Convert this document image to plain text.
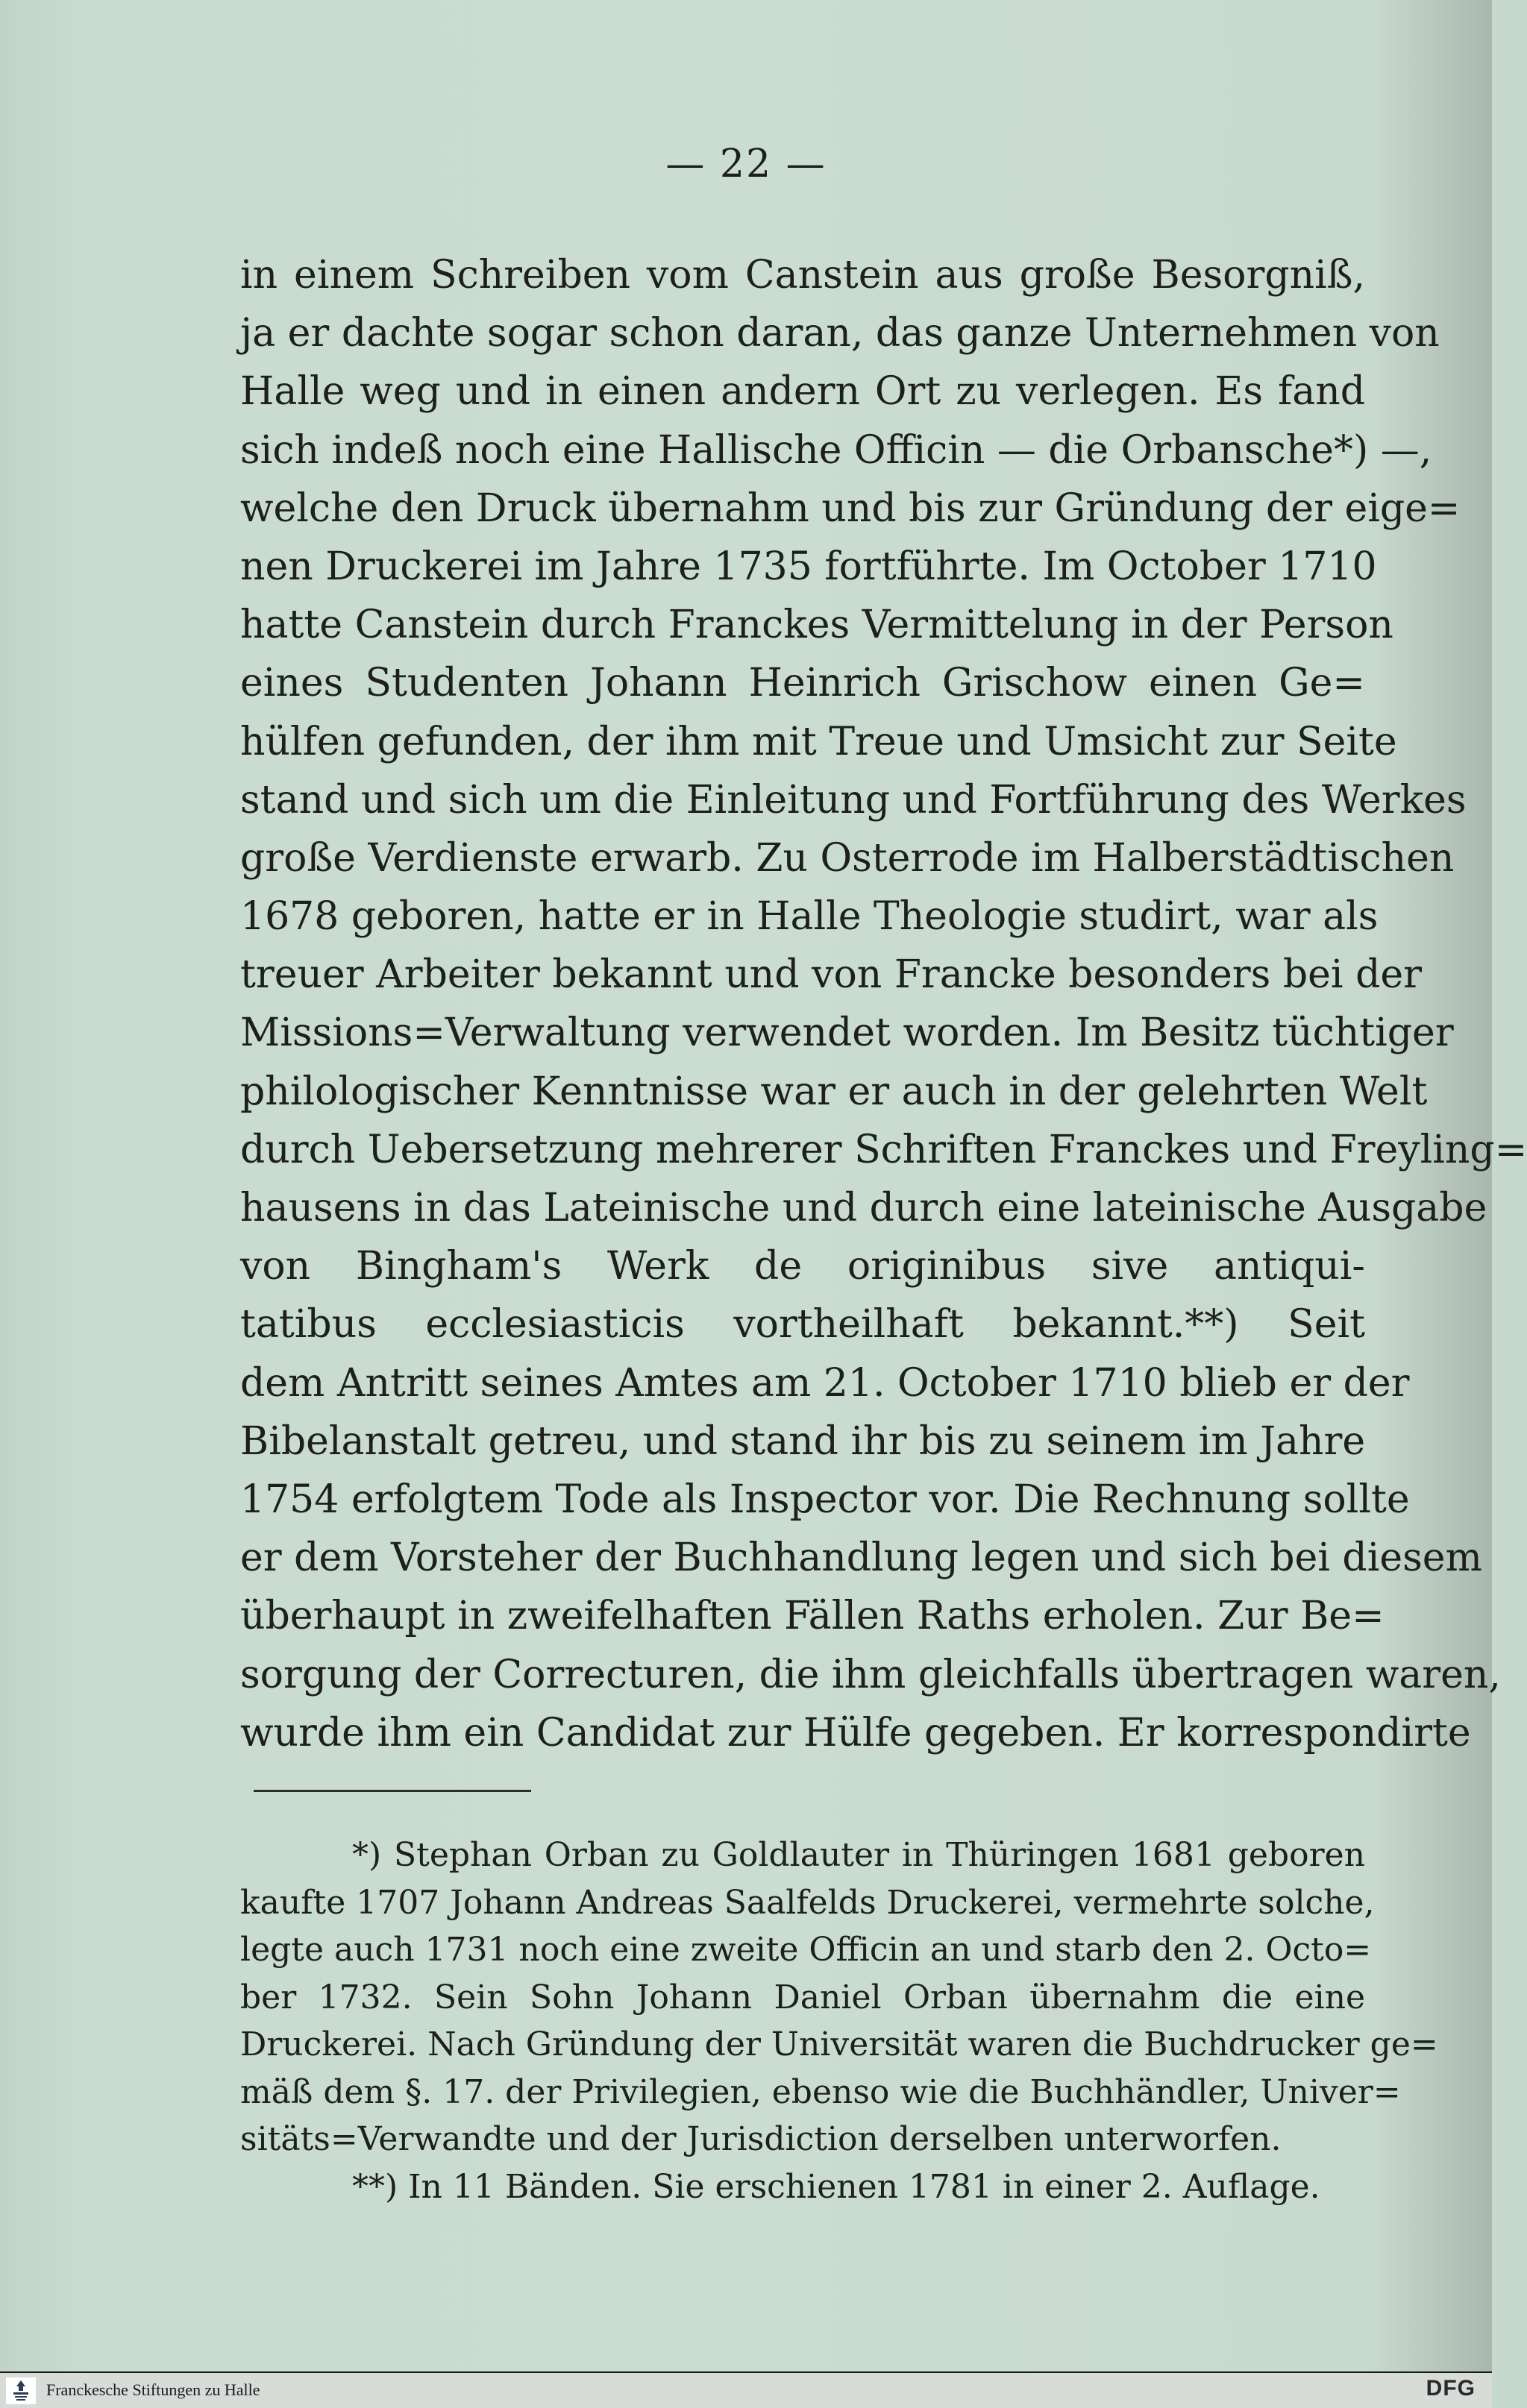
— 22 —
in einem Schreiben vom Canstein aus große Besorgniß,
ja er dachte sogar schon daran, das ganze Unternehmen von
Halle weg und in einen andern Ort zu verlegen. Es fand
sich indeß noch eine Hallische Officin — die Orbansche*) —,
welche den Druck übernahm und bis zur Gründung der eige=
nen Druckerei im Jahre 1735 fortführte. Im October 1710
hatte Canstein durch Franckes Vermittelung in der Person
eines Studenten Johann Heinrich Grischow einen Ge=
hülfen gefunden, der ihm mit Treue und Umsicht zur Seite
stand und sich um die Einleitung und Fortführung des Werkes
große Verdienste erwarb. Zu Osterrode im Halberstädtischen
1678 geboren, hatte er in Halle Theologie studirt, war als
treuer Arbeiter bekannt und von Francke besonders bei der
Missions=Verwaltung verwendet worden. Im Besitz tüchtiger
philologischer Kenntnisse war er auch in der gelehrten Welt
durch Uebersetzung mehrerer Schriften Franckes und Freyling=
hausens in das Lateinische und durch eine lateinische Ausgabe
von Bingham's Werk de originibus sive antiqui-
tatibus ecclesiasticis vortheilhaft bekannt.**) Seit
dem Antritt seines Amtes am 21. October 1710 blieb er der
Bibelanstalt getreu, und stand ihr bis zu seinem im Jahre
1754 erfolgtem Tode als Inspector vor. Die Rechnung sollte
er dem Vorsteher der Buchhandlung legen und sich bei diesem
überhaupt in zweifelhaften Fällen Raths erholen. Zur Be=
sorgung der Correcturen, die ihm gleichfalls übertragen waren,
wurde ihm ein Candidat zur Hülfe gegeben. Er korrespondirte
*) Stephan Orban zu Goldlauter in Thüringen 1681 geboren
kaufte 1707 Johann Andreas Saalfelds Druckerei, vermehrte solche,
legte auch 1731 noch eine zweite Officin an und starb den 2. Octo=
ber 1732. Sein Sohn Johann Daniel Orban übernahm die eine
Druckerei. Nach Gründung der Universität waren die Buchdrucker ge=
mäß dem §. 17. der Privilegien, ebenso wie die Buchhändler, Univer=
sitäts=Verwandte und der Jurisdiction derselben unterworfen.
**) In 11 Bänden. Sie erschienen 1781 in einer 2. Auflage.
Franckesche Stiftungen zu Halle	DFG
